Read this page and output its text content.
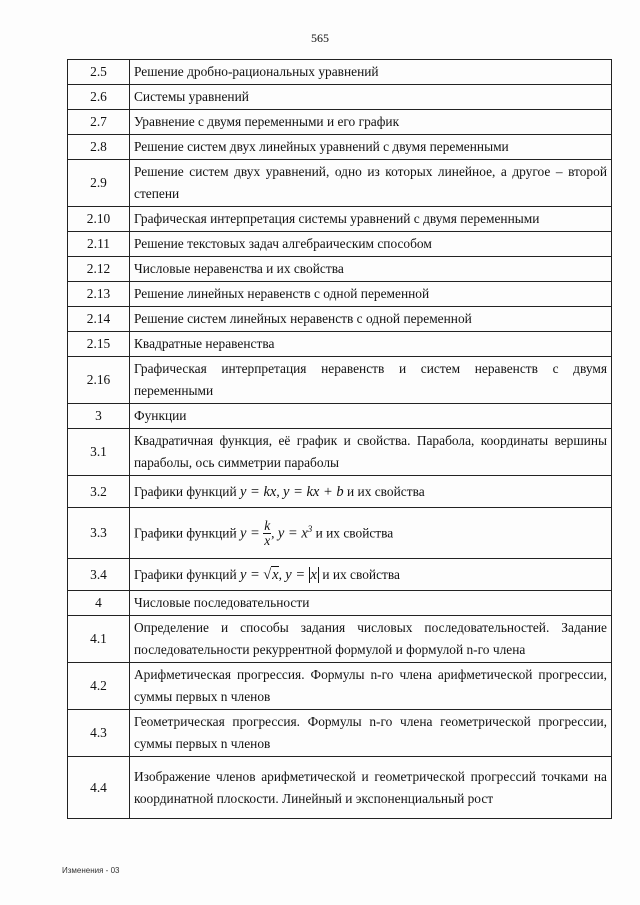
565
2.5	Решение дробно-рациональных уравнений
2.6	Системы уравнений
2.7	Уравнение с двумя переменными и его график
2.8	Решение систем двух линейных уравнений с двумя переменными
2.9	Решение систем двух уравнений, одно из которых линейное, а другое – второй степени
2.10	Графическая интерпретация системы уравнений с двумя переменными
2.11	Решение текстовых задач алгебраическим способом
2.12	Числовые неравенства и их свойства
2.13	Решение линейных неравенств с одной переменной
2.14	Решение систем линейных неравенств с одной переменной
2.15	Квадратные неравенства
2.16	Графическая интерпретация неравенств и систем неравенств с двумя переменными
3	Функции
3.1	Квадратичная функция, её график и свойства. Парабола, координаты вершины параболы, ось симметрии параболы
3.2	Графики функций y = kx, y = kx + b и их свойства
3.3	Графики функций $y = \frac{k}{x}$ , $y = x^3$ и их свойства
3.4	Графики функций y = √x, y = x и их свойства
4	Числовые последовательности
4.1	Определение и способы задания числовых последовательностей. Задание последовательности рекуррентной формулой и формулой n-го члена
4.2	Арифметическая прогрессия. Формулы n-го члена арифметической прогрессии, суммы первых n членов
4.3	Геометрическая прогрессия. Формулы n-го члена геометрической прогрессии, суммы первых n членов
4.4	Изображение членов арифметической и геометрической прогрессий точками на координатной плоскости. Линейный и экспоненциальный рост
Изменения - 03
